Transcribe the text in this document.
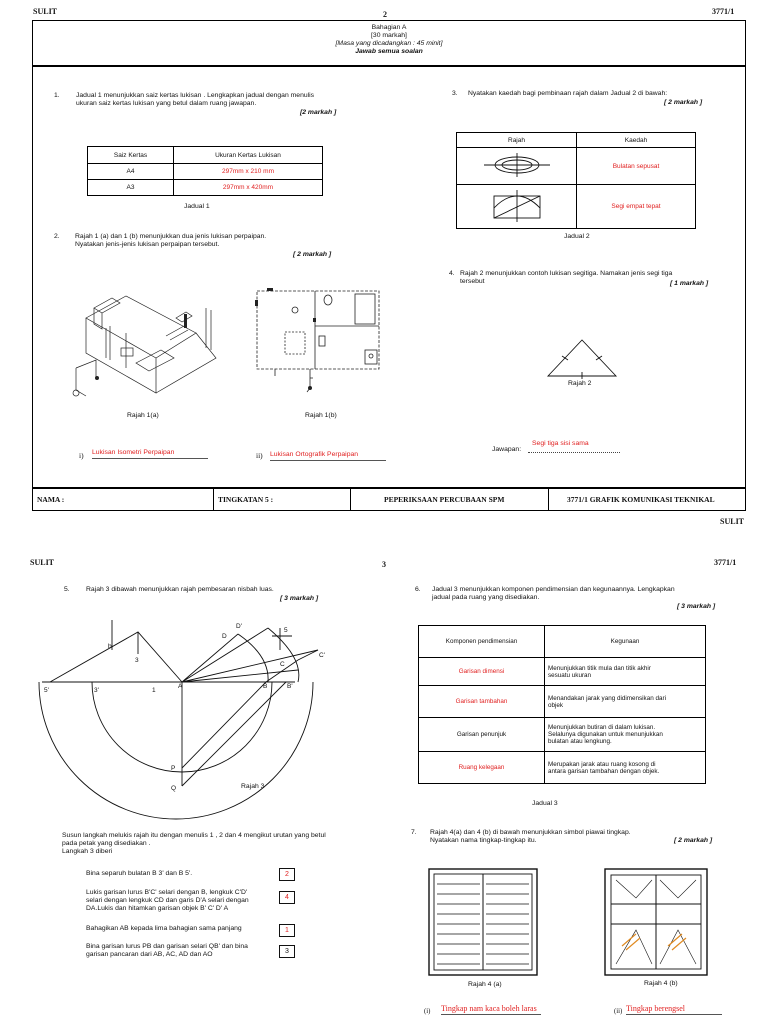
SULIT	2	3771/1
Bahagian A
[30 markah]
[Masa yang dicadangkan : 45 minit]
Jawab semua soalan
1. Jadual 1 menunjukkan saiz kertas lukisan . Lengkapkan jadual dengan menulis
ukuran saiz kertas lukisan yang betul dalam ruang jawapan.
[2 markah ]
Saiz Kertas	Ukuran Kertas Lukisan
A4	297mm x 210 mm
A3	297mm x 420mm
Jadual 1
2. Rajah 1 (a) dan 1 (b) menunjukkan dua jenis lukisan perpaipan.
Nyatakan jenis-jenis lukisan perpaipan tersebut.
[ 2 markah ]
Rajah 1(a)	Rajah 1(b)
i) Lukisan Isometri Perpaipan	ii) Lukisan Ortografik Perpaipan
3. Nyatakan kaedah bagi pembinaan rajah dalam Jadual 2 di bawah:
[ 2 markah ]
Rajah	Kaedah
	Bulatan sepusat
	Segi empat tepat
Jadual 2
4. Rajah 2 menunjukkan contoh lukisan segitiga. Namakan jenis segi tiga
tersebut	[ 1 markah ]
Rajah 2
Jawapan:
Segi tiga sisi sama
NAMA :	TINGKATAN 5 :	PEPERIKSAAN PERCUBAAN SPM	3771/1 GRAFIK KOMUNIKASI TEKNIKAL
SULIT
SULIT	3	3771/1
5. Rajah 3 dibawah menunjukkan rajah pembesaran nisbah luas.
[ 3 markah ]
5'	3'	1
A	B	B'
C
C'
D
D'
P
Q
b
3
5
Rajah 3
Susun langkah melukis rajah itu dengan menulis 1 , 2 dan 4 mengikut urutan yang betul
pada petak yang disediakan .
Langkah 3 diberi
Bina separuh bulatan B 3' dan B 5'.	2
Lukis garisan lurus B'C' selari dengan B, lengkuk C'D'
selari dengan lengkuk CD dan garis D'A selari dengan
DA.Lukis dan hitamkan garisan objek B' C' D' A
4
Bahagikan AB kepada lima bahagian sama panjang	1
Bina garisan lurus PB dan garisan selari QB' dan bina
garisan pancaran dari AB, AC, AD dan AO	3
6. Jadual 3 menunjukkan komponen pendimensian dan kegunaannya. Lengkapkan
jadual pada ruang yang disediakan.
[ 3 markah ]
Komponen pendimensian	Kegunaan
Garisan dimensi	Menunjukkan titik mula dan titik akhir
sesuatu ukuran

Garisan tambahan	Menandakan jarak yang didimensikan dari
objek

Garisan penunjuk	Menunjukkan butiran di dalam lukisan.
Selalunya digunakan untuk menunjukkan
bulatan atau lengkung.

Ruang kelegaan	Merupakan jarak atau ruang kosong di
antara garisan tambahan dengan objek.
Jadual 3
7. Rajah 4(a) dan 4 (b) di bawah menunjukkan simbol piawai tingkap.
Nyatakan nama tingkap-tingkap itu.	[ 2 markah ]
Rajah 4 (a)	Rajah 4 (b)
(i) Tingkap nam kaca boleh laras	(ii) Tingkap berengsel
